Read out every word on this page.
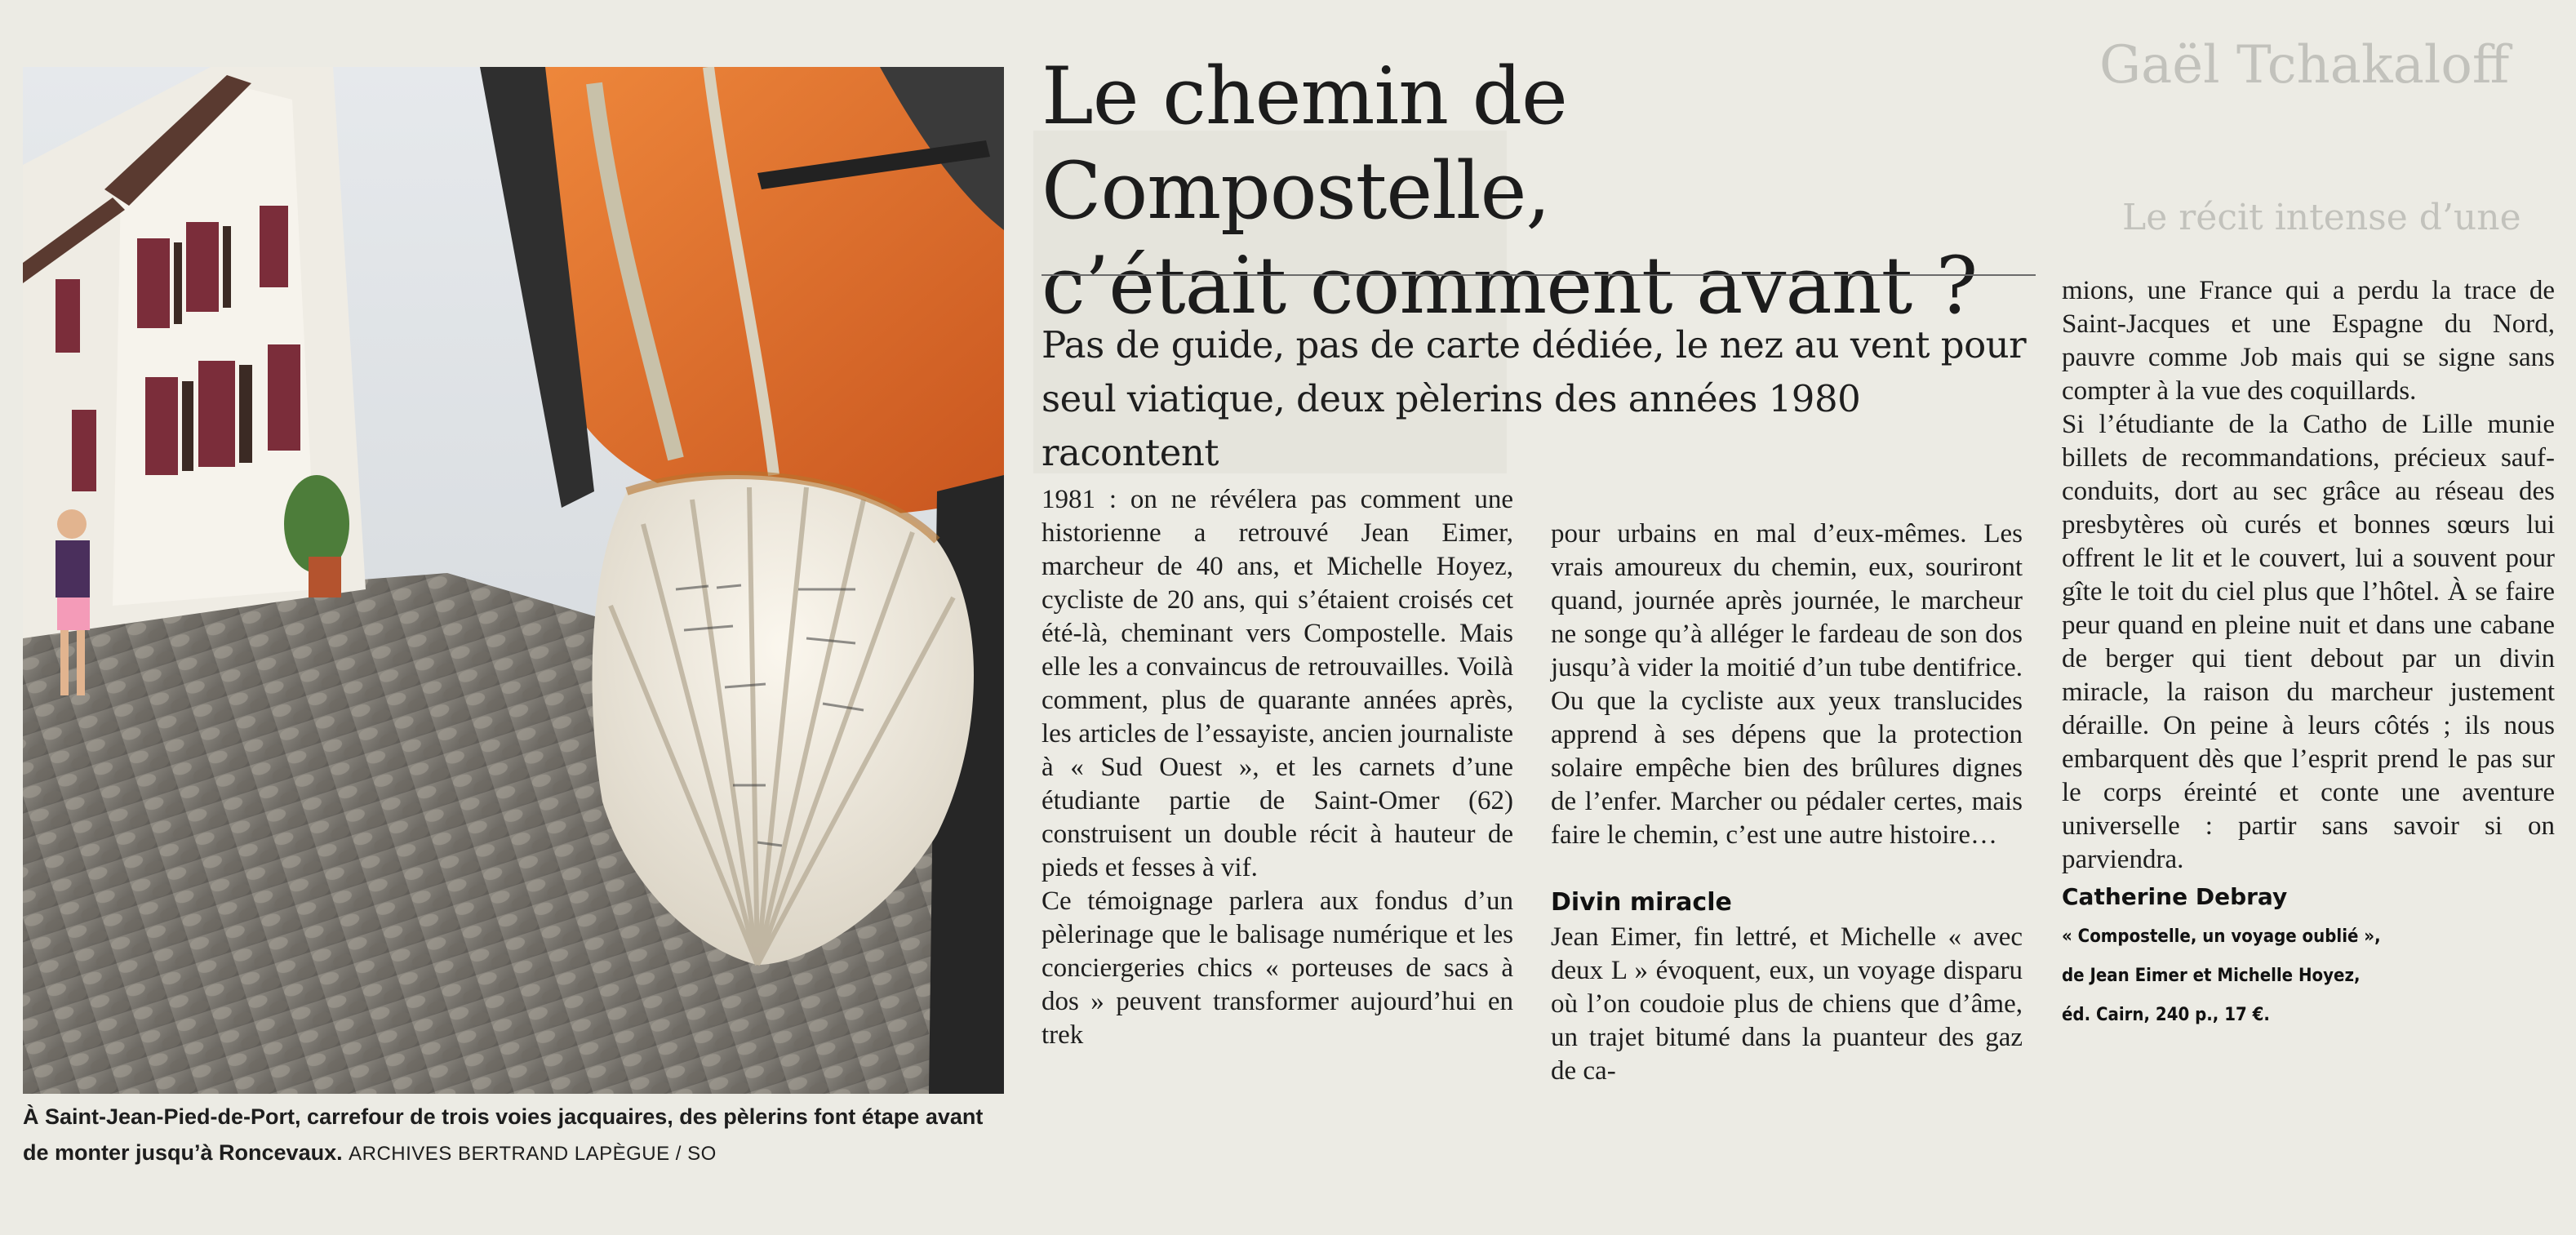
Gaël Tchakaloff
Le récit intense d’une
À Saint-Jean-Pied-de-Port, carrefour de trois voies jacquaires, des pèlerins font étape avant de monter jusqu’à Roncevaux. ARCHIVES BERTRAND LAPÈGUE / SO
Le chemin de Compostelle,
c’était comment avant ?
Pas de guide, pas de carte dédiée, le nez au vent pour
seul viatique, deux pèlerins des années 1980 racontent

1981 : on ne révélera pas comment une historienne a retrouvé Jean Eimer, marcheur de 40 ans, et Michelle Hoyez, cycliste de 20 ans, qui s’étaient croisés cet été-là, cheminant vers Compostelle. Mais elle les a convaincus de retrouvailles. Voilà comment, plus de quarante années après, les articles de l’essayiste, ancien journaliste à « Sud Ouest », et les carnets d’une étudiante partie de Saint-Omer (62) construisent un double récit à hauteur de pieds et fesses à vif.

Ce témoignage parlera aux fondus d’un pèlerinage que le balisage numérique et les conciergeries chics « porteuses de sacs à dos » peuvent transformer aujourd’hui en trek

pour urbains en mal d’eux-mêmes. Les vrais amoureux du chemin, eux, souriront quand, journée après journée, le marcheur ne songe qu’à alléger le fardeau de son dos jusqu’à vider la moitié d’un tube dentifrice. Ou que la cycliste aux yeux translucides apprend à ses dépens que la protection solaire empêche bien des brûlures dignes de l’enfer. Marcher ou pédaler certes, mais faire le chemin, c’est une autre histoire…

Divin miracle

Jean Eimer, fin lettré, et Michelle « avec deux L » évoquent, eux, un voyage disparu où l’on coudoie plus de chiens que d’âme, un trajet bitumé dans la puanteur des gaz de ca-

mions, une France qui a perdu la trace de Saint-Jacques et une Espagne du Nord, pauvre comme Job mais qui se signe sans compter à la vue des coquillards.

Si l’étudiante de la Catho de Lille munie billets de recommandations, précieux sauf-conduits, dort au sec grâce au réseau des presbytères où curés et bonnes sœurs lui offrent le lit et le couvert, lui a souvent pour gîte le toit du ciel plus que l’hôtel. À se faire peur quand en pleine nuit et dans une cabane de berger qui tient debout par un divin miracle, la raison du marcheur justement déraille. On peine à leurs côtés ; ils nous embarquent dès que l’esprit prend le pas sur le corps éreinté et conte une aventure universelle : partir sans savoir si on parviendra.

Catherine Debray
« Compostelle, un voyage oublié »,
de Jean Eimer et Michelle Hoyez,
éd. Cairn, 240 p., 17 €.
